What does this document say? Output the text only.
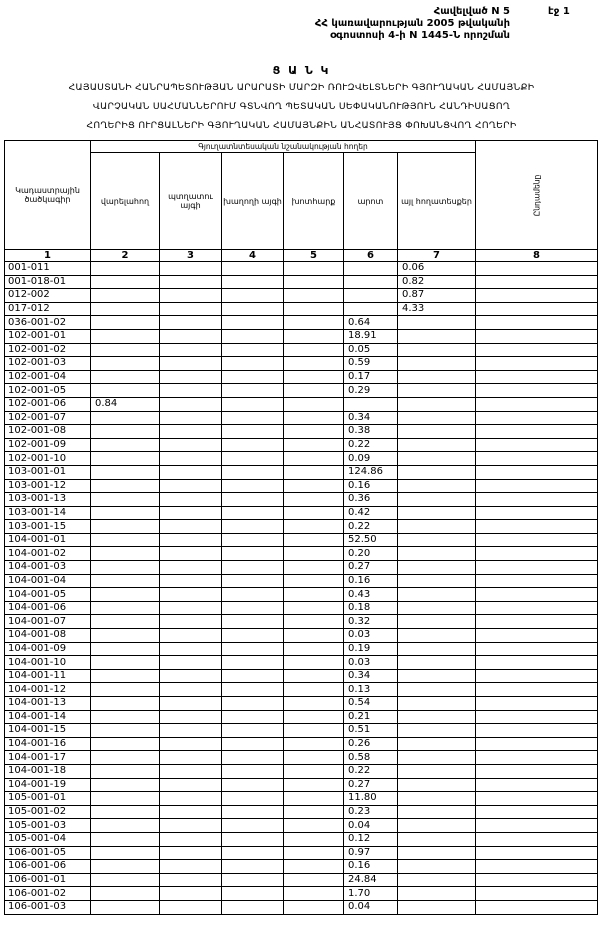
Հավելված N 5
ՀՀ կառավարության 2005 թվականի
օգոստոսի 4-ի N 1445-Ն որոշման
էջ 1
Ց Ա Ն Կ
ՀԱՅԱՍՏԱՆԻ ՀԱՆՐԱՊԵՏՈՒԹՅԱՆ ԱՐԱՐԱՏԻ ՄԱՐԶԻ ՌՈՒԶՎԵԼՏՆԵՐԻ ԳՅՈՒՂԱԿԱՆ ՀԱՄԱՅՆՔԻ
ՎԱՐՉԱԿԱՆ ՍԱՀՄԱՆՆԵՐՈՒՄ ԳՏՆՎՈՂ ՊԵՏԱԿԱՆ ՍԵՓԱԿԱՆՈՒԹՅՈՒՆ ՀԱՆԴԻՍԱՑՈՂ
ՀՈՂԵՐԻՑ ՈՒՐՑԱԼՆԵՐԻ ԳՅՈՒՂԱԿԱՆ ՀԱՄԱՅՆՔԻՆ ԱՆՀԱՏՈՒՅՑ ՓՈԽԱՆՑՎՈՂ ՀՈՂԵՐԻ
Կադաստրային ծածկագիր	Գյուղատնտեսական նշանակության հողեր						Ընդամենը
	վարելահող	պտղատու այգի	խաղողի այգի	խոտհարք	արոտ	այլ հողատեսքեր	
1	2	3	4	5	6	7	8
001-011						0.06	
001-018-01						0.82	
012-002						0.87	
017-012						4.33	
036-001-02					0.64		
102-001-01					18.91		
102-001-02					0.05		
102-001-03					0.59		
102-001-04					0.17		
102-001-05					0.29		
102-001-06	0.84						
102-001-07					0.34		
102-001-08					0.38		
102-001-09					0.22		
102-001-10					0.09		
103-001-01					124.86		
103-001-12					0.16		
103-001-13					0.36		
103-001-14					0.42		
103-001-15					0.22		
104-001-01					52.50		
104-001-02					0.20		
104-001-03					0.27		
104-001-04					0.16		
104-001-05					0.43		
104-001-06					0.18		
104-001-07					0.32		
104-001-08					0.03		
104-001-09					0.19		
104-001-10					0.03		
104-001-11					0.34		
104-001-12					0.13		
104-001-13					0.54		
104-001-14					0.21		
104-001-15					0.51		
104-001-16					0.26		
104-001-17					0.58		
104-001-18					0.22		
104-001-19					0.27		
105-001-01					11.80		
105-001-02					0.23		
105-001-03					0.04		
105-001-04					0.12		
106-001-05					0.97		
106-001-06					0.16		
106-001-01					24.84		
106-001-02					1.70		
106-001-03					0.04		
